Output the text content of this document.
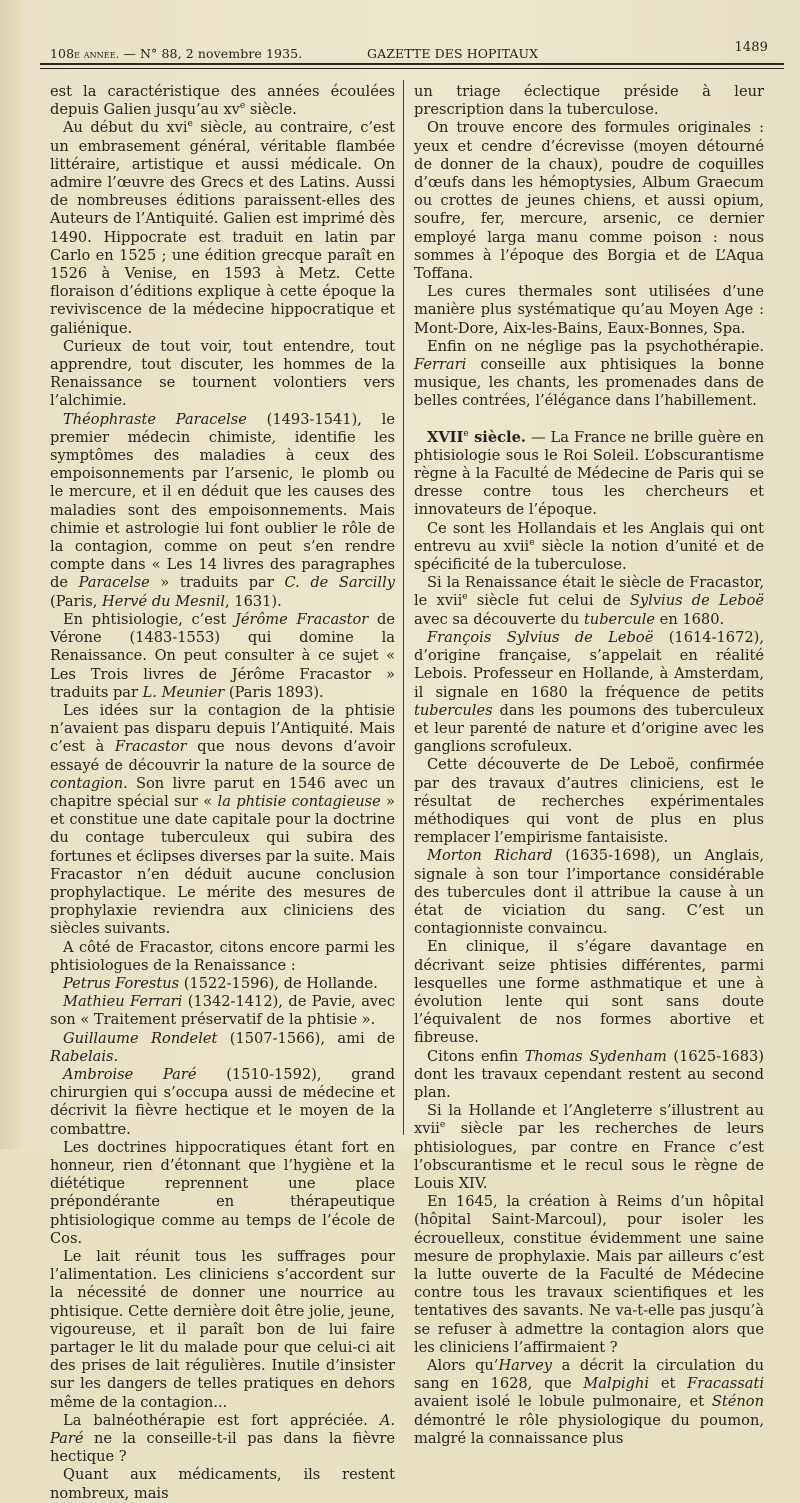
108e année. — N° 88, 2 novembre 1935.	GAZETTE DES HOPITAUX	1489

est la caractéristique des années écoulées depuis Galien jusqu’au $xv^e$ siècle.

Au début du xvi$^e$ siècle, au contraire, c’est un embrasement général, véritable flambée littéraire, artistique et aussi médicale. On admire l’œuvre des Grecs et des Latins. Aussi de nombreuses éditions paraissent-elles des Auteurs de l’Antiquité. Galien est imprimé dès 1490. Hippocrate est traduit en latin par Carlo en 1525 ; une édition grecque paraît en 1526 à Venise, en 1593 à Metz. Cette floraison d’éditions explique à cette époque la reviviscence de la médecine hippocratique et galiénique.

Curieux de tout voir, tout entendre, tout apprendre, tout discuter, les hommes de la Renaissance se tournent volontiers vers l’alchimie.

Théophraste Paracelse (1493-1541), le premier médecin chimiste, identifie les symptômes des maladies à ceux des empoisonnements par l’arsenic, le plomb ou le mercure, et il en déduit que les causes des maladies sont des empoisonnements. Mais chimie et astrologie lui font oublier le rôle de la contagion, comme on peut s’en rendre compte dans « Les 14 livres des paragraphes de Paracelse » traduits par C. de Sarcilly (Paris, Hervé du Mesnil, 1631).

En phtisiologie, c’est Jérôme Fracastor de Vérone (1483-1553) qui domine la Renaissance. On peut consulter à ce sujet « Les Trois livres de Jérôme Fracastor » traduits par L. Meunier (Paris 1893).

Les idées sur la contagion de la phtisie n’avaient pas disparu depuis l’Antiquité. Mais c’est à Fracastor que nous devons d’avoir essayé de découvrir la nature de la source de contagion. Son livre parut en 1546 avec un chapitre spécial sur « la phtisie contagieuse » et constitue une date capitale pour la doctrine du contage tuberculeux qui subira des fortunes et éclipses diverses par la suite. Mais Fracastor n’en déduit aucune conclusion prophylactique. Le mérite des mesures de prophylaxie reviendra aux cliniciens des siècles suivants.

A côté de Fracastor, citons encore parmi les phtisiologues de la Renaissance :

Petrus Forestus (1522-1596), de Hollande.

Mathieu Ferrari (1342-1412), de Pavie, avec son « Traitement préservatif de la phtisie ».

Guillaume Rondelet (1507-1566), ami de Rabelais.

Ambroise Paré (1510-1592), grand chirurgien qui s’occupa aussi de médecine et décrivit la fièvre hectique et le moyen de la combattre.

Les doctrines hippocratiques étant fort en honneur, rien d’étonnant que l’hygiène et la diététique reprennent une place prépondérante en thérapeutique phtisiologique comme au temps de l’école de Cos.

Le lait réunit tous les suffrages pour l’alimentation. Les cliniciens s’accordent sur la nécessité de donner une nourrice au phtisique. Cette dernière doit être jolie, jeune, vigoureuse, et il paraît bon de lui faire partager le lit du malade pour que celui-ci ait des prises de lait régulières. Inutile d’insister sur les dangers de telles pratiques en dehors même de la contagion...

La balnéothérapie est fort appréciée. A. Paré ne la conseille-t-il pas dans la fièvre hectique ?

Quant aux médicaments, ils restent nombreux, mais

un triage éclectique préside à leur prescription dans la tuberculose.

On trouve encore des formules originales : yeux et cendre d’écrevisse (moyen détourné de donner de la chaux), poudre de coquilles d’œufs dans les hémoptysies, Album Graecum ou crottes de jeunes chiens, et aussi opium, soufre, fer, mercure, arsenic, ce dernier employé larga manu comme poison : nous sommes à l’époque des Borgia et de L’Aqua Toffana.

Les cures thermales sont utilisées d’une manière plus systématique qu’au Moyen Age : Mont-Dore, Aix-les-Bains, Eaux-Bonnes, Spa.

Enfin on ne néglige pas la psychothérapie. Ferrari conseille aux phtisiques la bonne musique, les chants, les promenades dans de belles contrées, l’élégance dans l’habillement.

XVIIe siècle. — La France ne brille guère en phtisiologie sous le Roi Soleil. L’obscurantisme règne à la Faculté de Médecine de Paris qui se dresse contre tous les chercheurs et innovateurs de l’époque.

Ce sont les Hollandais et les Anglais qui ont entrevu au xvii$^e$ siècle la notion d’unité et de spécificité de la tuberculose.

Si la Renaissance était le siècle de Fracastor, le xvii$^e$ siècle fut celui de Sylvius de Leboë avec sa découverte du tubercule en 1680.

François Sylvius de Leboë (1614-1672), d’origine française, s’appelait en réalité Lebois. Professeur en Hollande, à Amsterdam, il signale en 1680 la fréquence de petits tubercules dans les poumons des tuberculeux et leur parenté de nature et d’origine avec les ganglions scrofuleux.

Cette découverte de De Leboë, confirmée par des travaux d’autres cliniciens, est le résultat de recherches expérimentales méthodiques qui vont de plus en plus remplacer l’empirisme fantaisiste.

Morton Richard (1635-1698), un Anglais, signale à son tour l’importance considérable des tubercules dont il attribue la cause à un état de viciation du sang. C’est un contagionniste convaincu.

En clinique, il s’égare davantage en décrivant seize phtisies différentes, parmi lesquelles une forme asthmatique et une à évolution lente qui sont sans doute l’équivalent de nos formes abortive et fibreuse.

Citons enfin Thomas Sydenham (1625-1683) dont les travaux cependant restent au second plan.

Si la Hollande et l’Angleterre s’illustrent au xvii$^e$ siècle par les recherches de leurs phtisiologues, par contre en France c’est l’obscurantisme et le recul sous le règne de Louis XIV.

En 1645, la création à Reims d’un hôpital (hôpital Saint-Marcoul), pour isoler les écrouelleux, constitue évidemment une saine mesure de prophylaxie. Mais par ailleurs c’est la lutte ouverte de la Faculté de Médecine contre tous les travaux scientifiques et les tentatives des savants. Ne va-t-elle pas jusqu’à se refuser à admettre la contagion alors que les cliniciens l’affirmaient ?

Alors qu’Harvey a décrit la circulation du sang en 1628, que Malpighi et Fracassati avaient isolé le lobule pulmonaire, et Sténon démontré le rôle physiologique du poumon, malgré la connaissance plus
